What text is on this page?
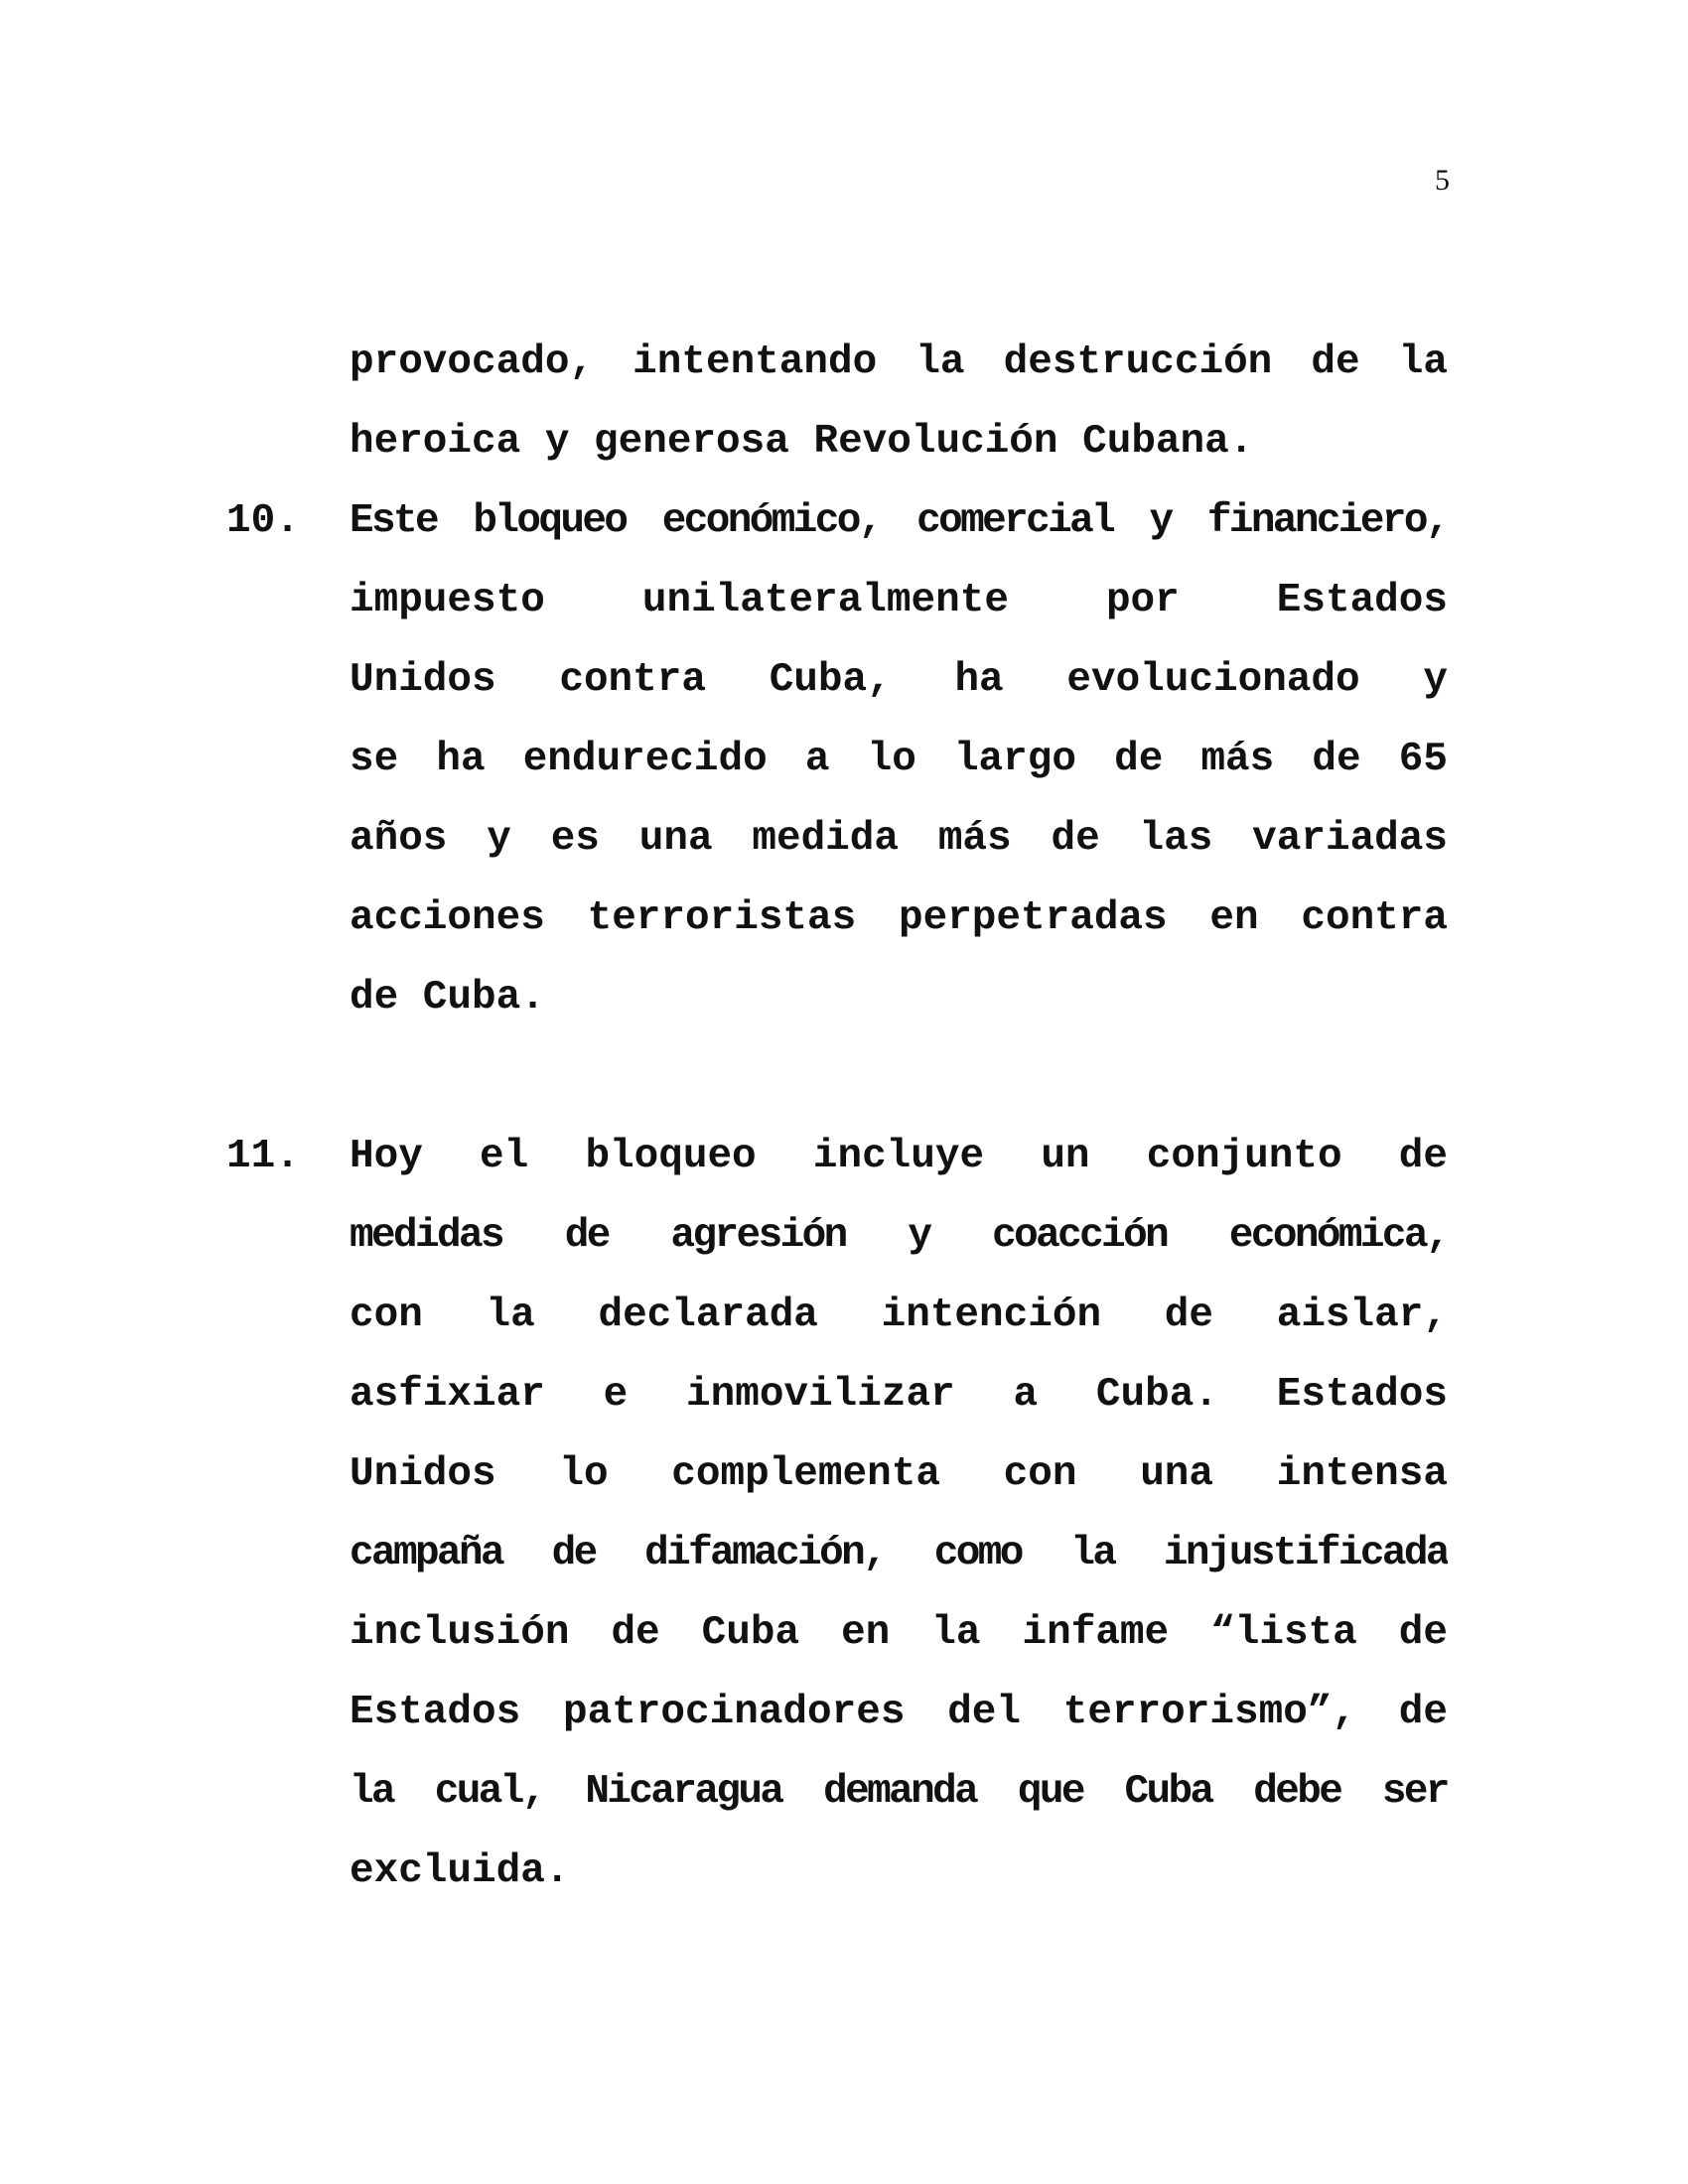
5
provocado, intentando la destrucción de la
heroica y generosa Revolución Cubana.
10.	Este bloqueo económico, comercial y financiero,
impuesto unilateralmente por Estados
Unidos contra Cuba, ha evolucionado y
se ha endurecido a lo largo de más de 65
años y es una medida más de las variadas
acciones terroristas perpetradas en contra
de Cuba.
11.	Hoy el bloqueo incluye un conjunto de
medidas de agresión y coacción económica,
con la declarada intención de aislar,
asfixiar e inmovilizar a Cuba. Estados
Unidos lo complementa con una intensa
campaña de difamación, como la injustificada
inclusión de Cuba en la infame “lista de
Estados patrocinadores del terrorismo”, de
la cual, Nicaragua demanda que Cuba debe ser
excluida.
